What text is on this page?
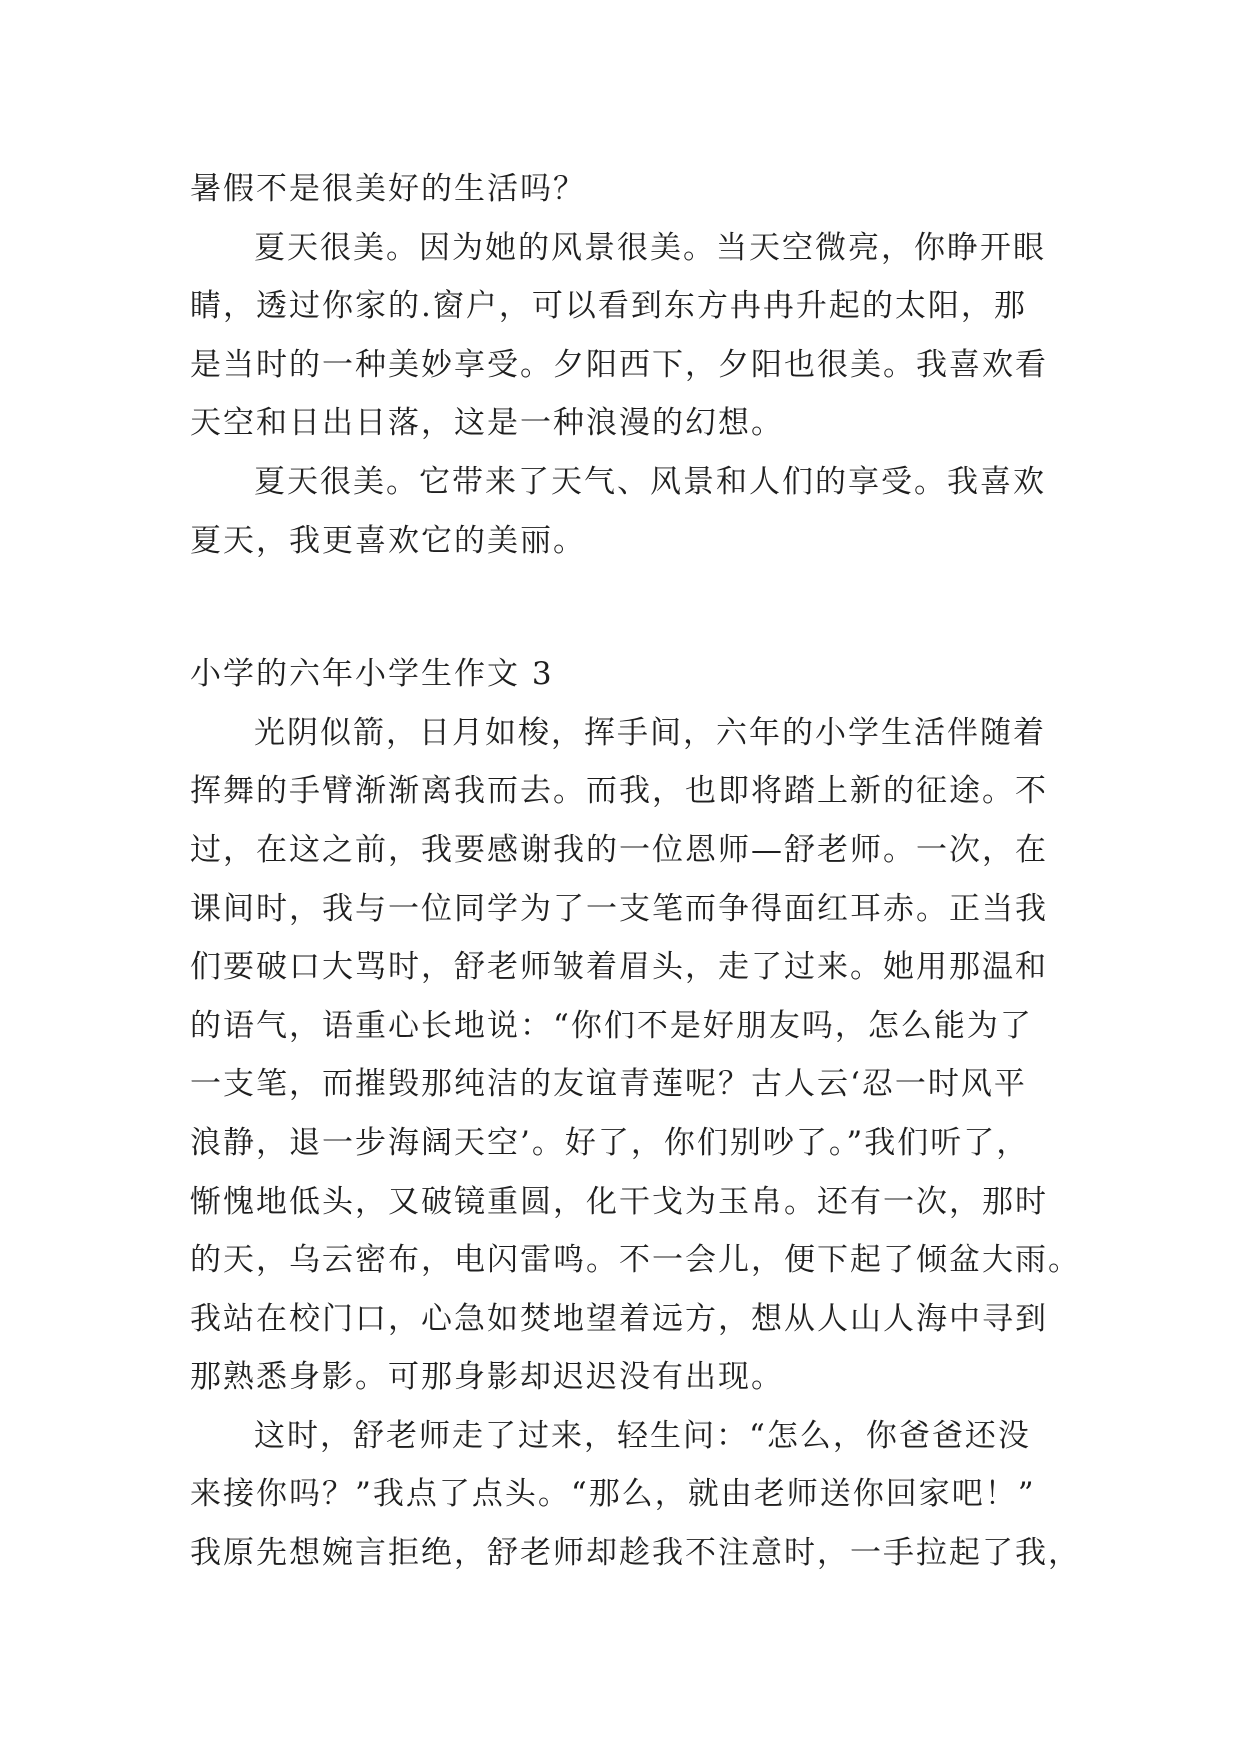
暑假不是很美好的生活吗？
夏天很美。因为她的风景很美。当天空微亮，你睁开眼
睛，透过你家的.窗户，可以看到东方冉冉升起的太阳，那
是当时的一种美妙享受。夕阳西下，夕阳也很美。我喜欢看
天空和日出日落，这是一种浪漫的幻想。
夏天很美。它带来了天气、风景和人们的享受。我喜欢
夏天，我更喜欢它的美丽。
小学的六年小学生作文 3
光阴似箭，日月如梭，挥手间，六年的小学生活伴随着
挥舞的手臂渐渐离我而去。而我，也即将踏上新的征途。不
过，在这之前，我要感谢我的一位恩师—舒老师。一次，在
课间时，我与一位同学为了一支笔而争得面红耳赤。正当我
们要破口大骂时，舒老师皱着眉头，走了过来。她用那温和
的语气，语重心长地说：“你们不是好朋友吗，怎么能为了
一支笔，而摧毁那纯洁的友谊青莲呢？古人云‘忍一时风平
浪静，退一步海阔天空’。好了，你们别吵了。”我们听了，
惭愧地低头，又破镜重圆，化干戈为玉帛。还有一次，那时
的天，乌云密布，电闪雷鸣。不一会儿，便下起了倾盆大雨。
我站在校门口，心急如焚地望着远方，想从人山人海中寻到
那熟悉身影。可那身影却迟迟没有出现。
这时，舒老师走了过来，轻生问：“怎么，你爸爸还没
来接你吗？”我点了点头。“那么，就由老师送你回家吧！”
我原先想婉言拒绝，舒老师却趁我不注意时，一手拉起了我，
